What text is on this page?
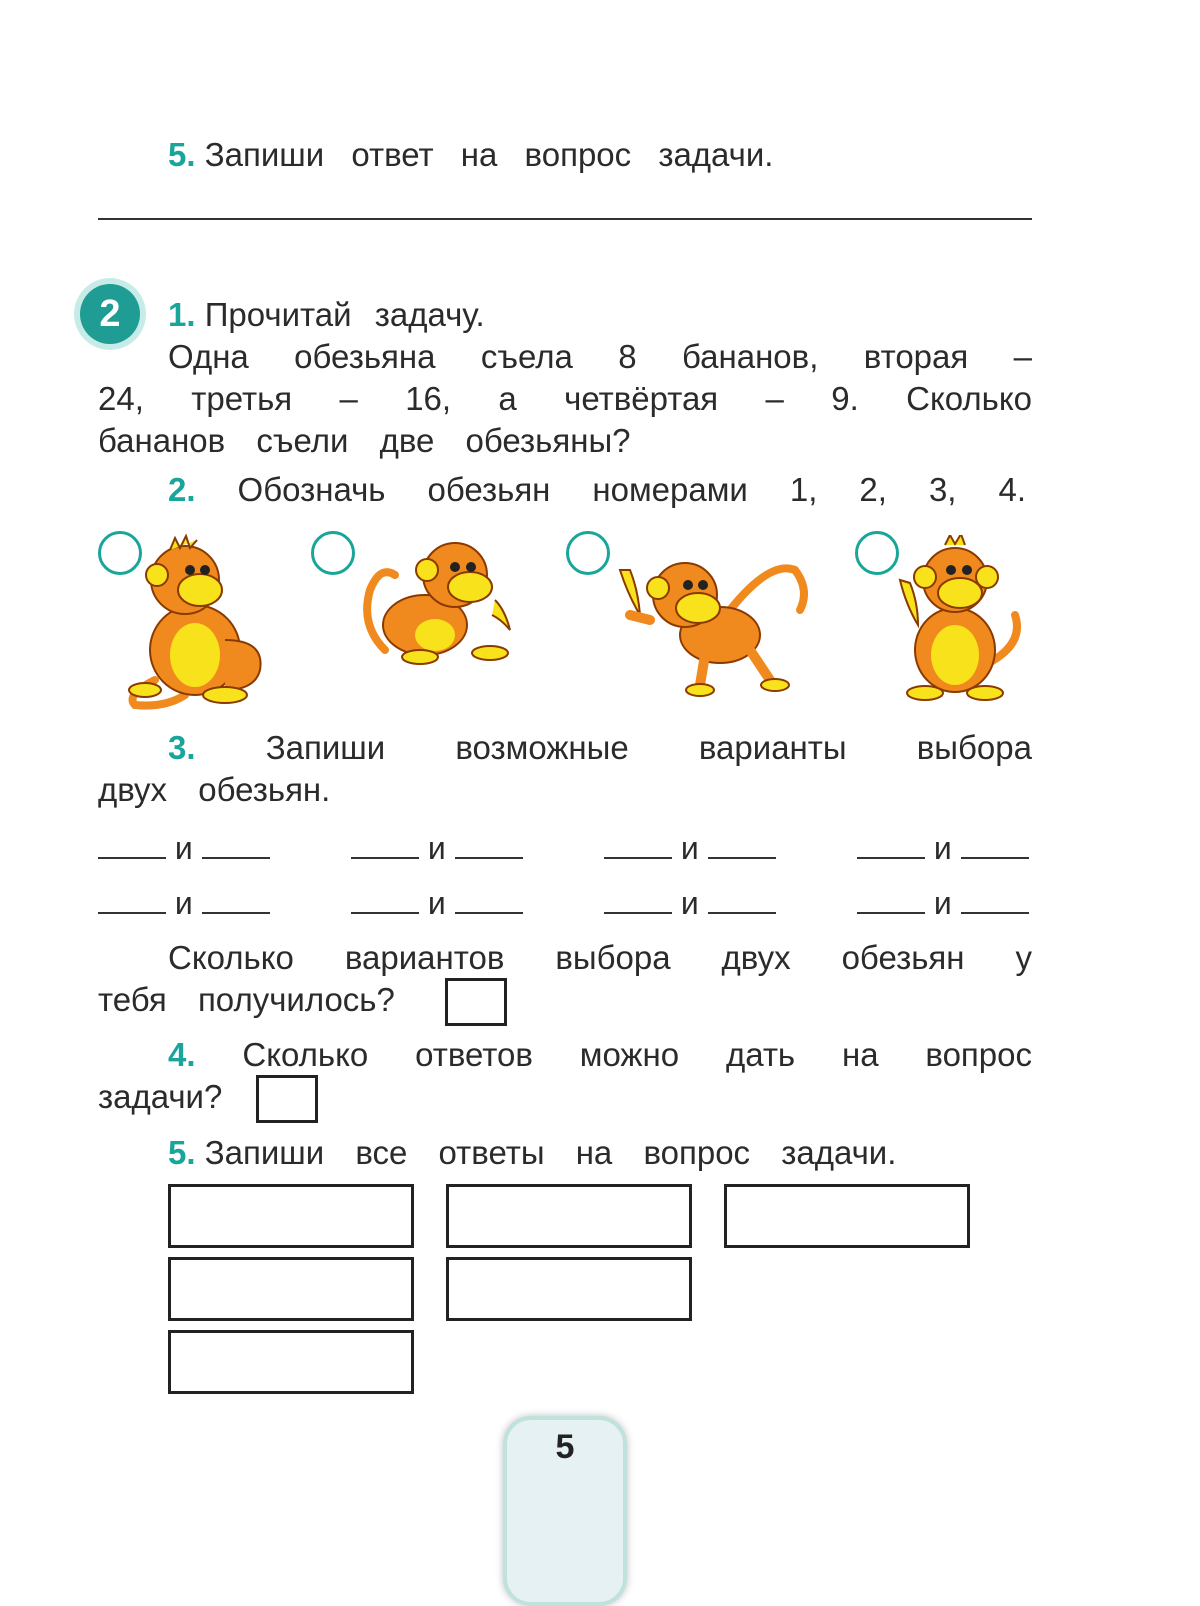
5. Запиши ответ на вопрос задачи.

2	1. Прочитай задачу.

Одна обезьяна съела 8 бананов, вторая –

24, третья – 16, а четвёртая – 9. Сколько

бананов съели две обезьяны?

2. Обозначь обезьян номерами 1, 2, 3, 4.

3. Запиши возможные варианты выбора

двух обезьян.

и	и	и	и
и	и	и	и

Сколько вариантов выбора двух обезьян у

тебя получилось?

4. Сколько ответов можно дать на вопрос

задачи?

5. Запиши все ответы на вопрос задачи.

5
